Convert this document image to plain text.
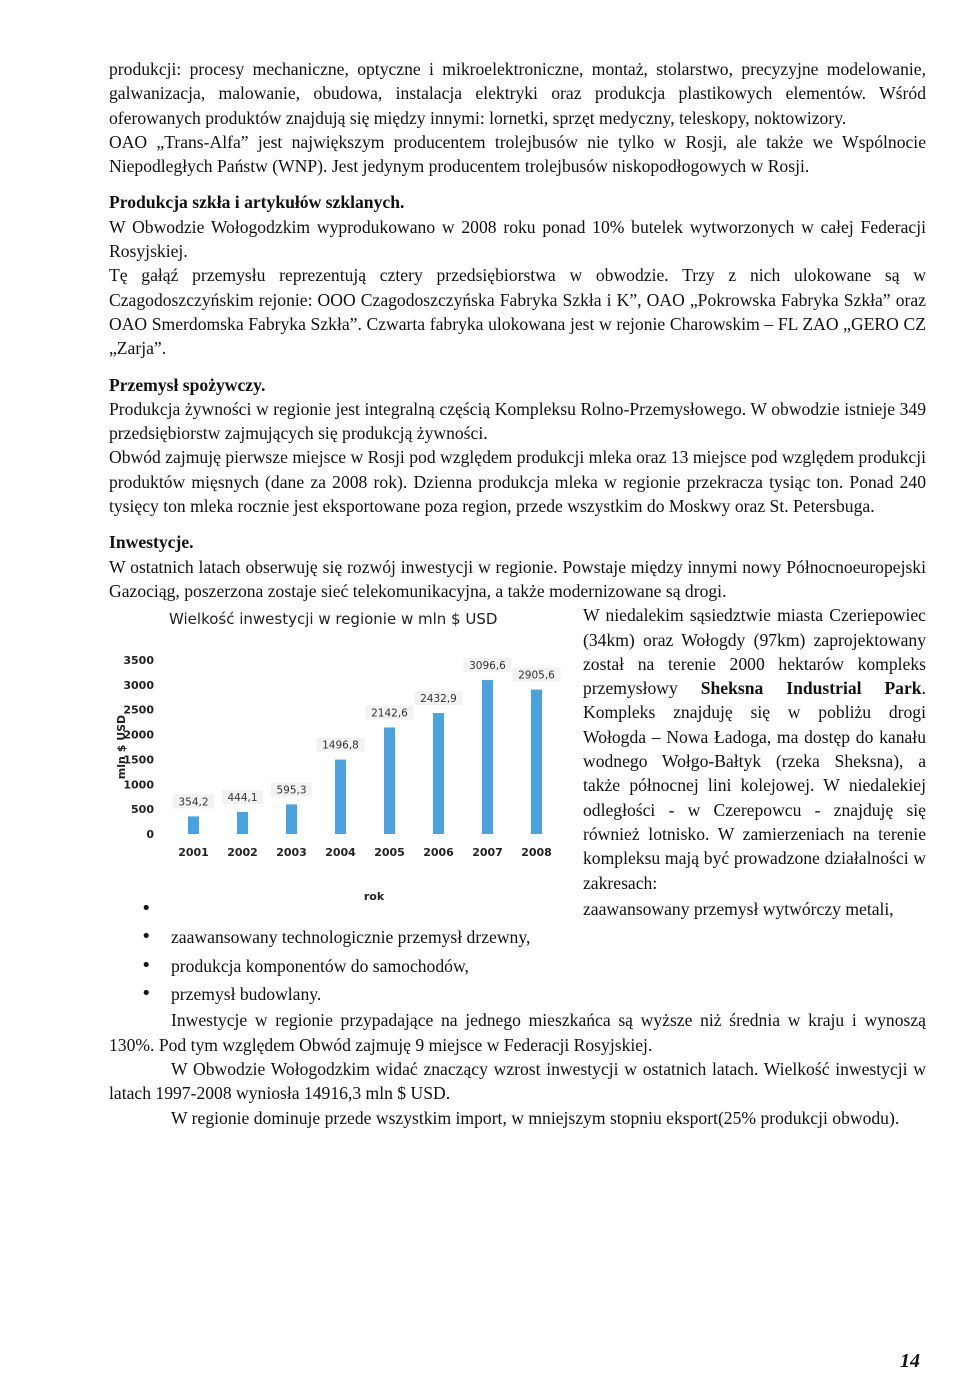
produkcji: procesy mechaniczne, optyczne i mikroelektroniczne, montaż, stolarstwo, precyzyjne modelowanie, galwanizacja, malowanie, obudowa, instalacja elektryki oraz produkcja plastikowych elementów. Wśród oferowanych produktów znajdują się między innymi: lornetki, sprzęt medyczny, teleskopy, noktowizory.

OAO „Trans-Alfa” jest największym producentem trolejbusów nie tylko w Rosji, ale także we Wspólnocie Niepodległych Państw (WNP). Jest jedynym producentem trolejbusów niskopodłogowych w Rosji.

Produkcja szkła i artykułów szklanych.

W Obwodzie Wołogodzkim wyprodukowano w 2008 roku ponad 10% butelek wytworzonych w całej Federacji Rosyjskiej.

Tę gałąź przemysłu reprezentują cztery przedsiębiorstwa w obwodzie. Trzy z nich ulokowane są w Czagodoszczyńskim rejonie: OOO Czagodoszczyńska Fabryka Szkła i K”, OAO „Pokrowska Fabryka Szkła” oraz OAO Smerdomska Fabryka Szkła”. Czwarta fabryka ulokowana jest w rejonie Charowskim – FL ZAO „GERO CZ „Zarja”.

Przemysł spożywczy.

Produkcja żywności w regionie jest integralną częścią Kompleksu Rolno-Przemysłowego. W obwodzie istnieje 349 przedsiębiorstw zajmujących się produkcją żywności.

Obwód zajmuję pierwsze miejsce w Rosji pod względem produkcji mleka oraz 13 miejsce pod względem produkcji produktów mięsnych (dane za 2008 rok). Dzienna produkcja mleka w regionie przekracza tysiąc ton. Ponad 240 tysięcy ton mleka rocznie jest eksportowane poza region, przede wszystkim do Moskwy oraz St. Petersbuga.

Inwestycje.

W ostatnich latach obserwuję się rozwój inwestycji w regionie. Powstaje między innymi nowy Północnoeuropejski Gazociąg, poszerzona zostaje sieć telekomunikacyjna, a także modernizowane są drogi.

Wielkość inwestycji w regionie w mln $ USD
mln $ USD
0
500
1000
1500
2000
2500
3000
3500
2001
354,2
2002
444,1
2003
595,3
2004
1496,8
2005
2142,6
2006
2432,9
2007
3096,6
2008
2905,6
rok

W niedalekim sąsiedztwie miasta Czeriepowiec (34km) oraz Wołogdy (97km) zaprojektowany został na terenie 2000 hektarów kompleks przemysłowy Sheksna Industrial Park. Kompleks znajduję się w pobliżu drogi Wołogda – Nowa Ładoga, ma dostęp do kanału wodnego Wołgo-Bałtyk (rzeka Sheksna), a także północnej lini kolejowej. W niedalekiej odległości - w Czerepowcu - znajduję się również lotnisko. W zamierzeniach na terenie kompleksu mają być prowadzone działalności w zakresach:

• zaawansowany przemysł wytwórczy metali,
• zaawansowany technologicznie przemysł drzewny,
• produkcja komponentów do samochodów,
• przemysł budowlany.

Inwestycje w regionie przypadające na jednego mieszkańca są wyższe niż średnia w kraju i wynoszą 130%. Pod tym względem Obwód zajmuję 9 miejsce w Federacji Rosyjskiej.

W Obwodzie Wołogodzkim widać znaczący wzrost inwestycji w ostatnich latach. Wielkość inwestycji w latach 1997-2008 wyniosła 14916,3 mln $ USD.

W regionie dominuje przede wszystkim import, w mniejszym stopniu eksport(25% produkcji obwodu).

14
